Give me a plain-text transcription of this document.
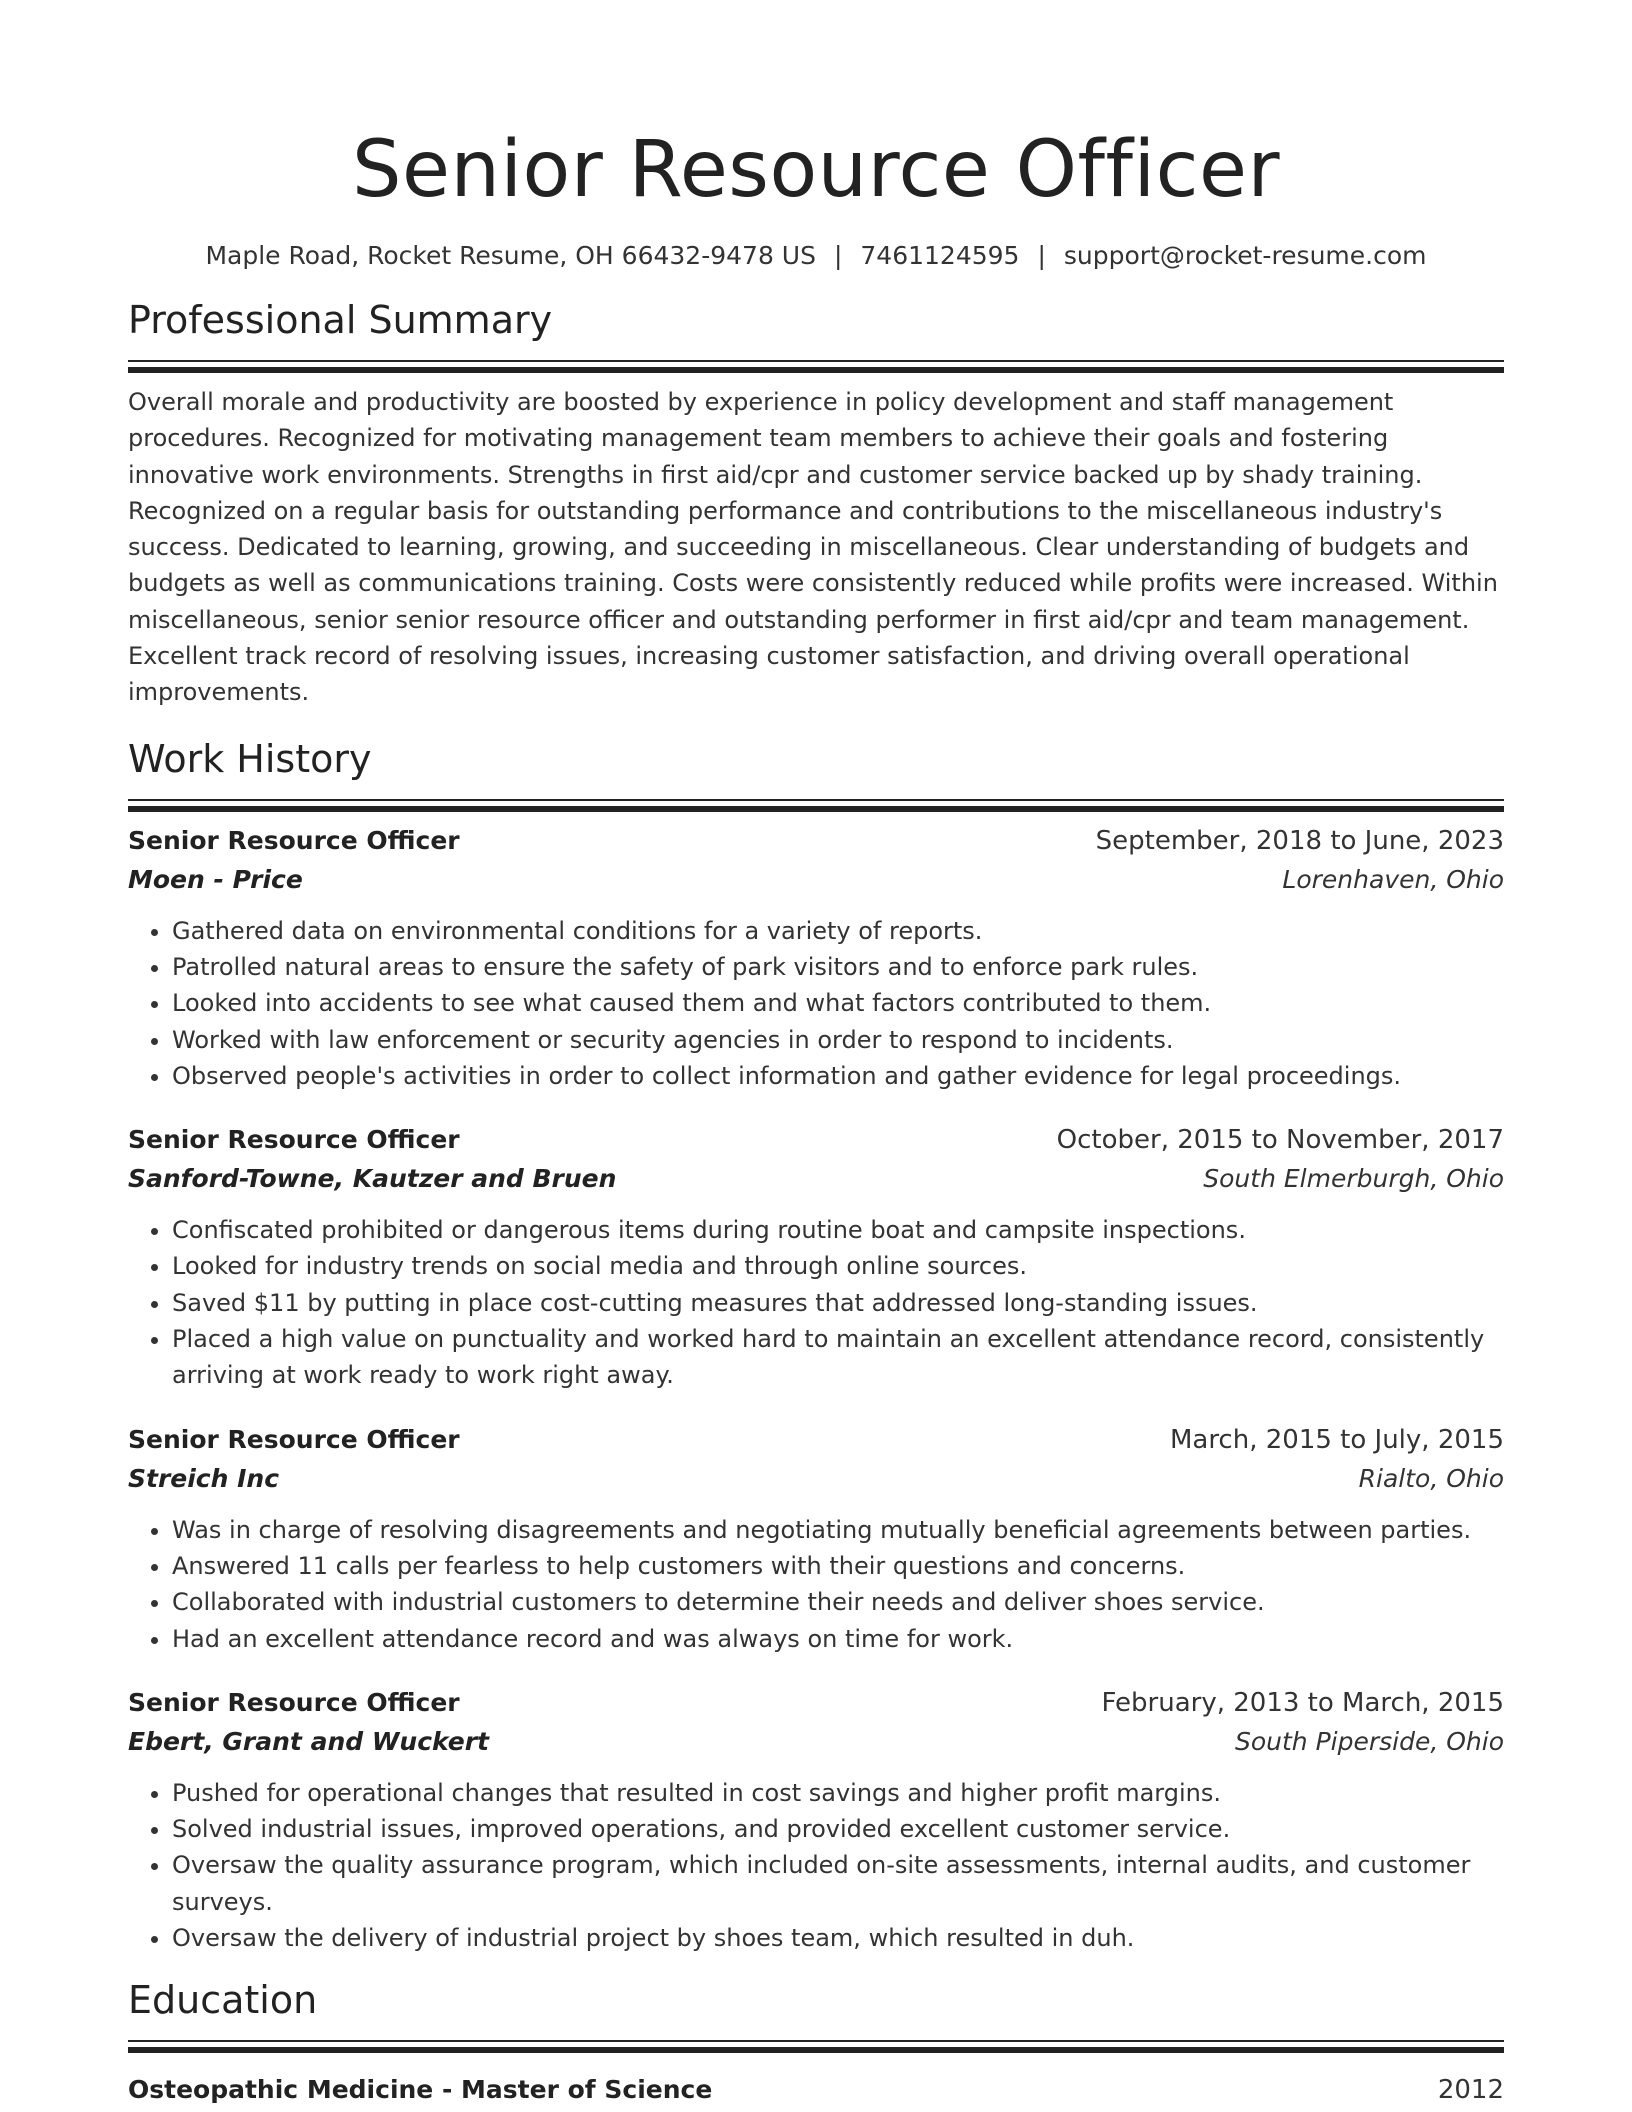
Senior Resource Officer
Maple Road, Rocket Resume, OH 66432-9478 US | 7461124595 | support@rocket-resume.com
Professional Summary

Overall morale and productivity are boosted by experience in policy development and staff management procedures. Recognized for motivating management team members to achieve their goals and fostering innovative work environments. Strengths in first aid/cpr and customer service backed up by shady training. Recognized on a regular basis for outstanding performance and contributions to the miscellaneous industry's success. Dedicated to learning, growing, and succeeding in miscellaneous. Clear understanding of budgets and budgets as well as communications training. Costs were consistently reduced while profits were increased. Within miscellaneous, senior senior resource officer and outstanding performer in first aid/cpr and team management. Excellent track record of resolving issues, increasing customer satisfaction, and driving overall operational improvements.

Work History
Senior Resource Officer	September, 2018 to June, 2023
Moen - Price	Lorenhaven, Ohio
• Gathered data on environmental conditions for a variety of reports.
• Patrolled natural areas to ensure the safety of park visitors and to enforce park rules.
• Looked into accidents to see what caused them and what factors contributed to them.
• Worked with law enforcement or security agencies in order to respond to incidents.
• Observed people's activities in order to collect information and gather evidence for legal proceedings.
Senior Resource Officer	October, 2015 to November, 2017
Sanford-Towne, Kautzer and Bruen	South Elmerburgh, Ohio
• Confiscated prohibited or dangerous items during routine boat and campsite inspections.
• Looked for industry trends on social media and through online sources.
• Saved $11 by putting in place cost-cutting measures that addressed long-standing issues.
• Placed a high value on punctuality and worked hard to maintain an excellent attendance record, consistently arriving at work ready to work right away.
Senior Resource Officer	March, 2015 to July, 2015
Streich Inc	Rialto, Ohio
• Was in charge of resolving disagreements and negotiating mutually beneficial agreements between parties.
• Answered 11 calls per fearless to help customers with their questions and concerns.
• Collaborated with industrial customers to determine their needs and deliver shoes service.
• Had an excellent attendance record and was always on time for work.
Senior Resource Officer	February, 2013 to March, 2015
Ebert, Grant and Wuckert	South Piperside, Ohio
• Pushed for operational changes that resulted in cost savings and higher profit margins.
• Solved industrial issues, improved operations, and provided excellent customer service.
• Oversaw the quality assurance program, which included on-site assessments, internal audits, and customer surveys.
• Oversaw the delivery of industrial project by shoes team, which resulted in duh.
Education
Osteopathic Medicine - Master of Science	2012
